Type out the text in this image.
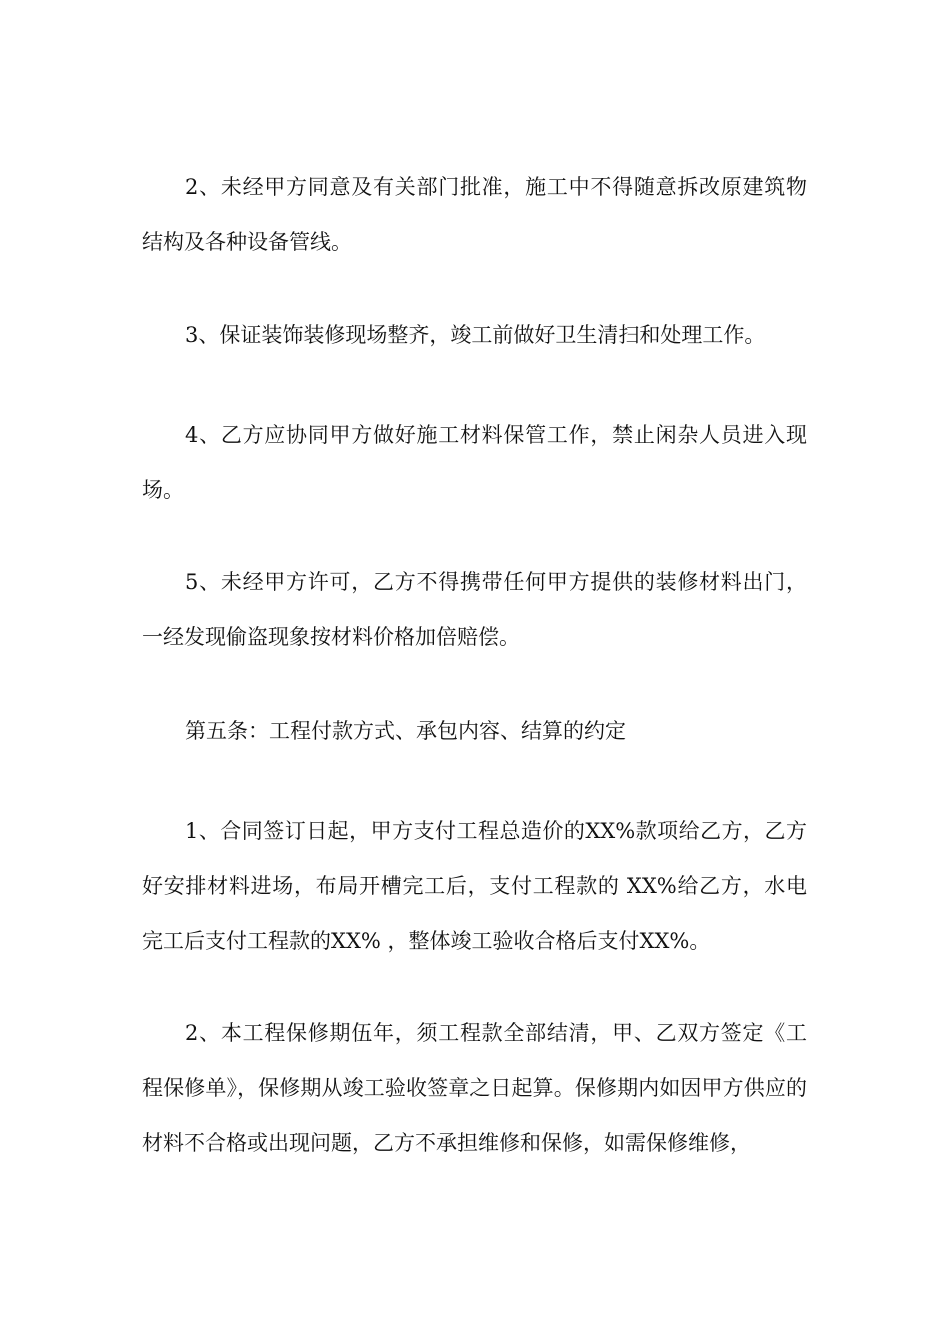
2、未经甲方同意及有关部门批准，施工中不得随意拆改原建筑物结构及各种设备管线。

3、保证装饰装修现场整齐，竣工前做好卫生清扫和处理工作。

4、乙方应协同甲方做好施工材料保管工作，禁止闲杂人员进入现场。

5、未经甲方许可，乙方不得携带任何甲方提供的装修材料出门，一经发现偷盗现象按材料价格加倍赔偿。

第五条：工程付款方式、承包内容、结算的约定

1、合同签订日起，甲方支付工程总造价的XX%款项给乙方，乙方好安排材料进场，布局开槽完工后，支付工程款的 XX%给乙方，水电完工后支付工程款的XX% ，整体竣工验收合格后支付XX%。

2、本工程保修期伍年，须工程款全部结清，甲、乙双方签定《工程保修单》，保修期从竣工验收签章之日起算。保修期内如因甲方供应的材料不合格或出现问题，乙方不承担维修和保修，如需保修维修，
